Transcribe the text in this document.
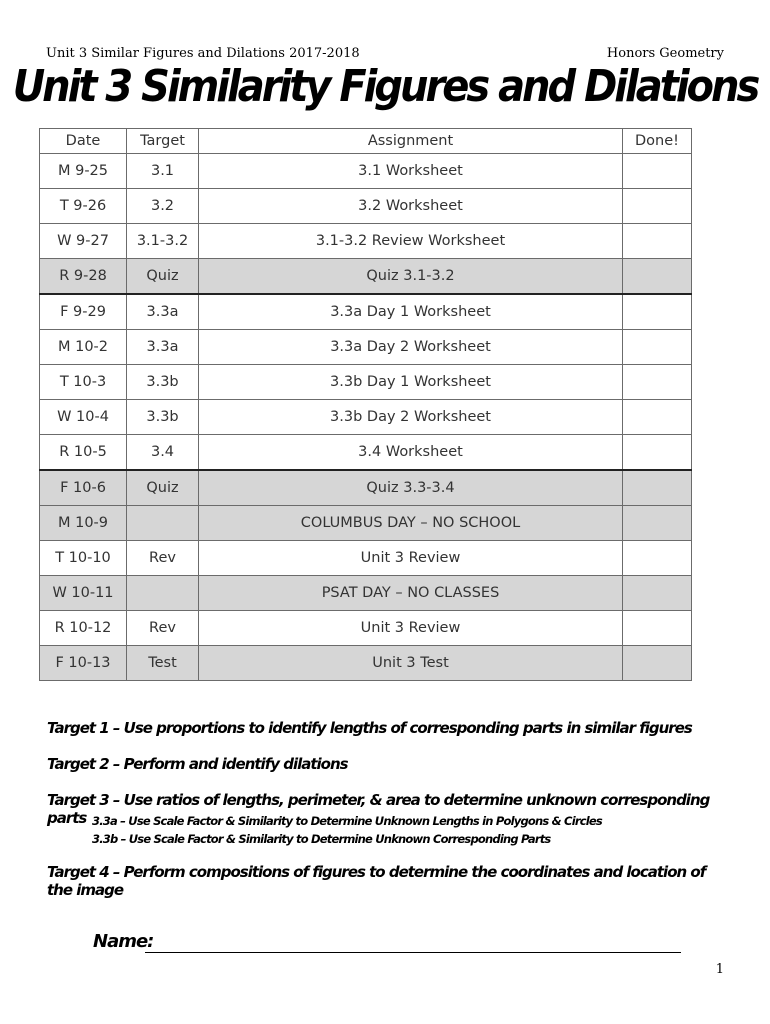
Unit 3 Similar Figures and Dilations 2017-2018	Honors Geometry
Unit 3 Similarity Figures and Dilations
Date	Target	Assignment	Done!
M 9-25	3.1	3.1 Worksheet	
T 9-26	3.2	3.2 Worksheet	
W 9-27	3.1-3.2	3.1-3.2 Review Worksheet	
R 9-28	Quiz	Quiz 3.1-3.2	
F 9-29	3.3a	3.3a Day 1 Worksheet	
M 10-2	3.3a	3.3a Day 2 Worksheet	
T 10-3	3.3b	3.3b Day 1 Worksheet	
W 10-4	3.3b	3.3b Day 2 Worksheet	
R 10-5	3.4	3.4 Worksheet	
F 10-6	Quiz	Quiz 3.3-3.4	
M 10-9		COLUMBUS DAY – NO SCHOOL	
T 10-10	Rev	Unit 3 Review	
W 10-11		PSAT DAY – NO CLASSES	
R 10-12	Rev	Unit 3 Review	
F 10-13	Test	Unit 3 Test	

Target 1 – Use proportions to identify lengths of corresponding parts in similar figures

Target 2 – Perform and identify dilations

Target 3 – Use ratios of lengths, perimeter, & area to determine unknown corresponding parts 3.3a – Use Scale Factor & Similarity to Determine Unknown Lengths in Polygons & Circles

3.3b – Use Scale Factor & Similarity to Determine Unknown Corresponding Parts

Target 4 – Perform compositions of figures to determine the coordinates and location of the image

Name:
1
